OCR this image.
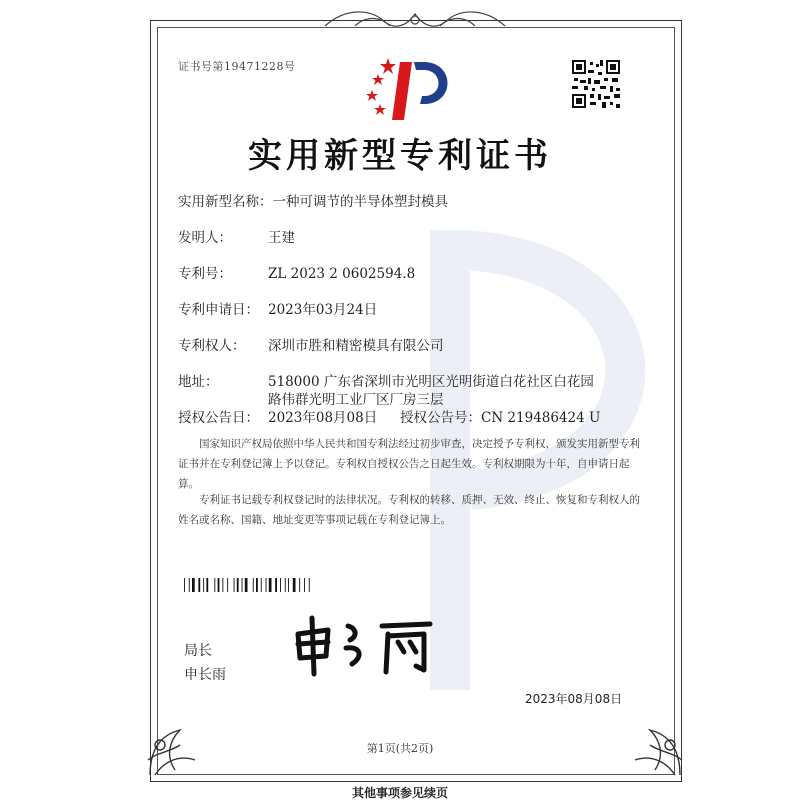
证书号第19471228号
实用新型专利证书
实用新型名称：一种可调节的半导体塑封模具
发明人：	王建
专利号：	ZL 2023 2 0602594.8
专利申请日： 2023年03月24日
专利权人： 深圳市胜和精密模具有限公司
地址：	518000 广东省深圳市光明区光明街道白花社区白花园
路伟群光明工业厂区厂房三层
授权公告日： 2023年08月08日 授权公告号：CN 219486424 U
国家知识产权局依照中华人民共和国专利法经过初步审查，决定授予专利权，颁发实用新型专利证书并在专利登记簿上予以登记。专利权自授权公告之日起生效。专利权期限为十年，自申请日起算。
专利证书记载专利权登记时的法律状况。专利权的转移、质押、无效、终止、恢复和专利权人的姓名或名称、国籍、地址变更等事项记载在专利登记簿上。
局长
申长雨
2023年08月08日
第1页(共2页)
其他事项参见续页
